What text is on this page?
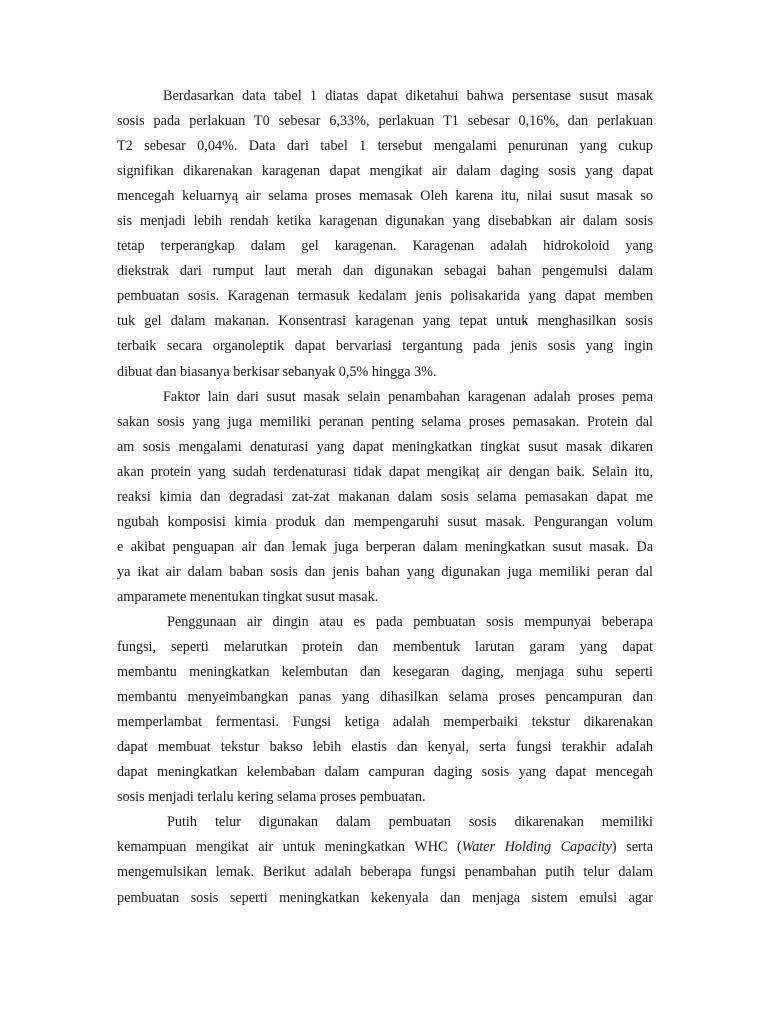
Berdasarkan data tabel 1 diatas dapat diketahui bahwa persentase susut masak
sosis pada perlakuan T0 sebesar 6,33%, perlakuan T1 sebesar 0,16%, dan perlakuan
T2 sebesar 0,04%. Data dari tabel 1 tersebut mengalami penurunan yang cukup
signifikan dikarenakan karagenan dapat mengikat air dalam daging sosis yang dapat
mencegah keluarnyą air selama proses memasak Oleh karena itu, nilai susut masak so
sis menjadi lebih rendah ketika karagenan digunakan yang disebabkan air dalam sosis
tetap terperangkap dalam gel karagenan. Karagenan adalah hidrokoloid yang
diekstrak dari rumput laut merah dan digunakan sebagai bahan pengemulsi dalam
pembuatan sosis. Karagenan termasuk kedalam jenis polisakarida yang dapat memben
tuk gel dalam makanan. Konsentrasi karagenan yang tepat untuk menghasilkan sosis
terbaik secara organoleptik dapat bervariasi tergantung pada jenis sosis yang ingin
dibuat dan biasanya berkisar sebanyak 0,5% hingga 3%.
Faktor lain dari susut masak selain penambahan karagenan adalah proses pema
sakan sosis yang juga memiliki peranan penting selama proses pemasakan. Protein dal
am sosis mengalami denaturasi yang dapat meningkatkan tingkat susut masak dikaren
akan protein yang sudah terdenaturasi tidak dapat mengikaț air dengan baik. Selain itu,
reaksi kimia dan degradasi zat-zat makanan dalam sosis selama pemasakan dapat me
ngubah komposisi kimia produk dan mempengaruhi susut masak. Pengurangan volum
e akibat penguapan air dan lemak juga berperan dalam meningkatkan susut masak. Da
ya ikat air dalam baban sosis dan jenis bahan yang digunakan juga memiliki peran dal
amparamete menentukan tingkat susut masak.
Penggunaan air dingin atau es pada pembuatan sosis mempunyai beberapa
fungsi, seperti melarutkan protein dan membentuk larutan garam yang dapat
membantu meningkatkan kelembutan dan kesegaran daging, menjaga suhu seperti
membantu menyeimbangkan panas yang dihasilkan selama proses pencampuran dan
memperlambat fermentasi. Fungsi ketiga adalah memperbaiki tekstur dikarenakan
dapat membuat tekstur bakso lebih elastis dan kenyal, serta fungsi terakhir adalah
dapat meningkatkan kelembaban dalam campuran daging sosis yang dapat mencegah
sosis menjadi terlalu kering selama proses pembuatan.
Putih telur digunakan dalam pembuatan sosis dikarenakan memiliki
kemampuan mengikat air untuk meningkatkan WHC (Water Holding Capacity) serta
mengemulsikan lemak. Berikut adalah beberapa fungsi penambahan putih telur dalam
pembuatan sosis seperti meningkatkan kekenyala dan menjaga sistem emulsi agar
